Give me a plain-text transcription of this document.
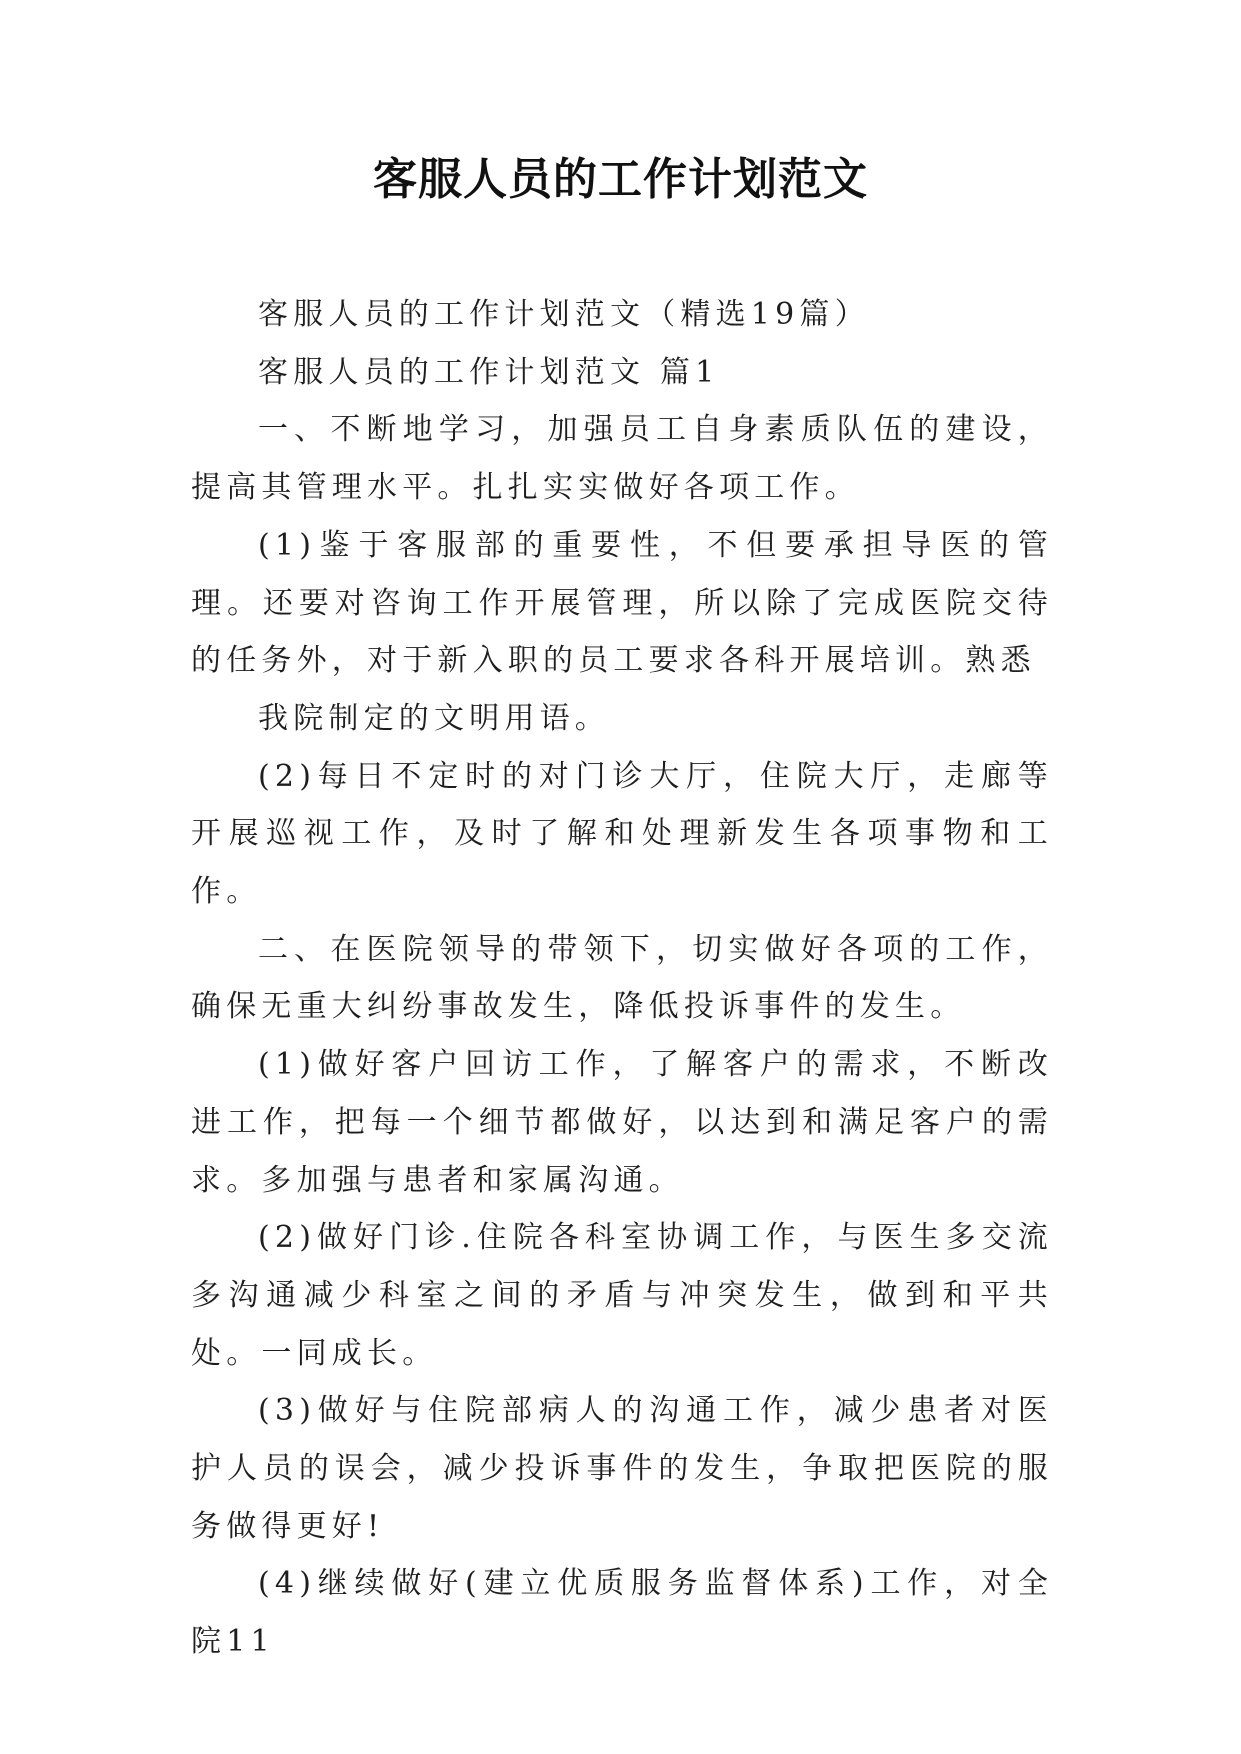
客服人员的工作计划范文

客服人员的工作计划范文（精选19篇）

客服人员的工作计划范文 篇1

一、不断地学习，加强员工自身素质队伍的建设，提高其管理水平。扎扎实实做好各项工作。

(1)鉴于客服部的重要性，不但要承担导医的管理。还要对咨询工作开展管理，所以除了完成医院交待的任务外，对于新入职的员工要求各科开展培训。熟悉

我院制定的文明用语。

(2)每日不定时的对门诊大厅，住院大厅，走廊等开展巡视工作，及时了解和处理新发生各项事物和工作。

二、在医院领导的带领下，切实做好各项的工作，确保无重大纠纷事故发生，降低投诉事件的发生。

(1)做好客户回访工作，了解客户的需求，不断改进工作，把每一个细节都做好，以达到和满足客户的需求。多加强与患者和家属沟通。

(2)做好门诊.住院各科室协调工作，与医生多交流多沟通减少科室之间的矛盾与冲突发生，做到和平共处。一同成长。

(3)做好与住院部病人的沟通工作，减少患者对医护人员的误会，减少投诉事件的发生，争取把医院的服务做得更好!

(4)继续做好(建立优质服务监督体系)工作，对全院11
